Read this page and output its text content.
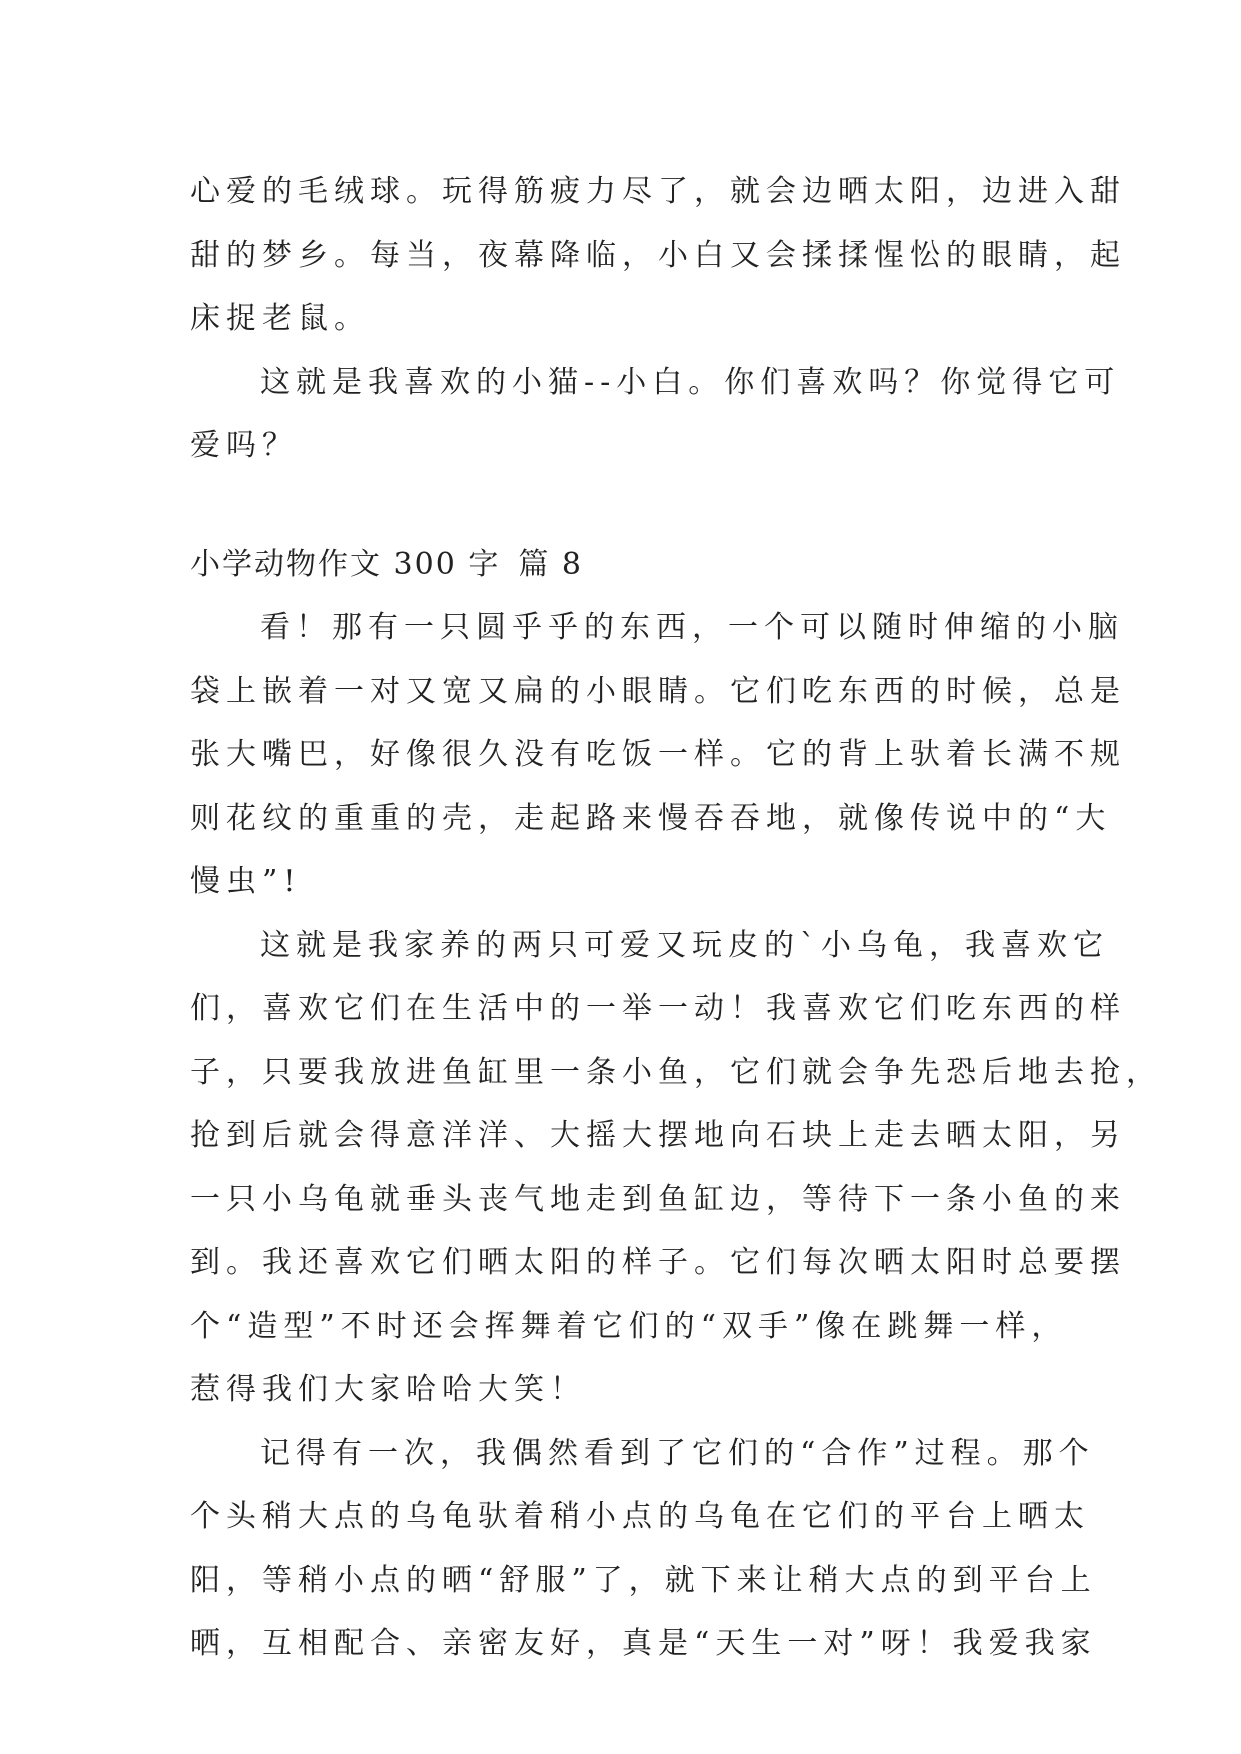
心爱的毛绒球。玩得筋疲力尽了，就会边晒太阳，边进入甜
甜的梦乡。每当，夜幕降临，小白又会揉揉惺忪的眼睛，起
床捉老鼠。

这就是我喜欢的小猫--小白。你们喜欢吗？你觉得它可
爱吗？

小学动物作文 300 字 篇 8

看！那有一只圆乎乎的东西，一个可以随时伸缩的小脑
袋上嵌着一对又宽又扁的小眼睛。它们吃东西的时候，总是
张大嘴巴，好像很久没有吃饭一样。它的背上驮着长满不规
则花纹的重重的壳，走起路来慢吞吞地，就像传说中的“大
慢虫”!

这就是我家养的两只可爱又玩皮的`小乌龟，我喜欢它
们，喜欢它们在生活中的一举一动！我喜欢它们吃东西的样
子，只要我放进鱼缸里一条小鱼，它们就会争先恐后地去抢，
抢到后就会得意洋洋、大摇大摆地向石块上走去晒太阳，另
一只小乌龟就垂头丧气地走到鱼缸边，等待下一条小鱼的来
到。我还喜欢它们晒太阳的样子。它们每次晒太阳时总要摆
个“造型”不时还会挥舞着它们的“双手”像在跳舞一样，
惹得我们大家哈哈大笑！

记得有一次，我偶然看到了它们的“合作”过程。那个
个头稍大点的乌龟驮着稍小点的乌龟在它们的平台上晒太
阳，等稍小点的晒“舒服”了，就下来让稍大点的到平台上
晒，互相配合、亲密友好，真是“天生一对”呀！我爱我家
